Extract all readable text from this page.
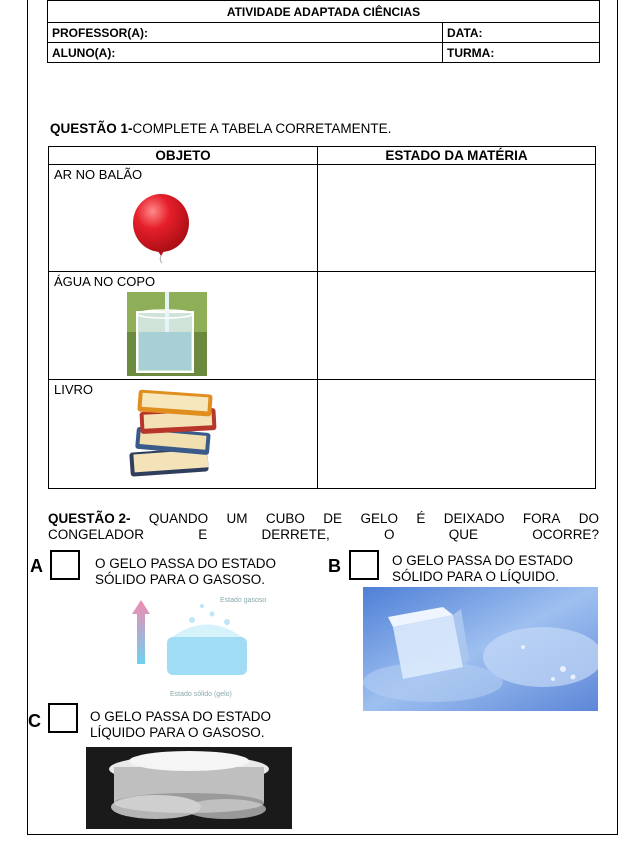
ATIVIDADE ADAPTADA CIÊNCIAS	
PROFESSOR(A):	DATA:
ALUNO(A):	TURMA:
QUESTÃO 1-COMPLETE A TABELA CORRETAMENTE.
OBJETO	ESTADO DA MATÉRIA

AR NO BALÃO	

ÁGUA NO COPO	

LIVRO	

QUESTÃO 2- QUANDO UM CUBO DE GELO É DEIXADO FORA DO
CONGELADOR	E	DERRETE,	O	QUE	OCORRE?
A	O GELO PASSA DO ESTADO
SÓLIDO PARA O GASOSO.
Estado gasoso
Estado sólido (gelo)
B	O GELO PASSA DO ESTADO
SÓLIDO PARA O LÍQUIDO.
C	O GELO PASSA DO ESTADO
LÍQUIDO PARA O GASOSO.
